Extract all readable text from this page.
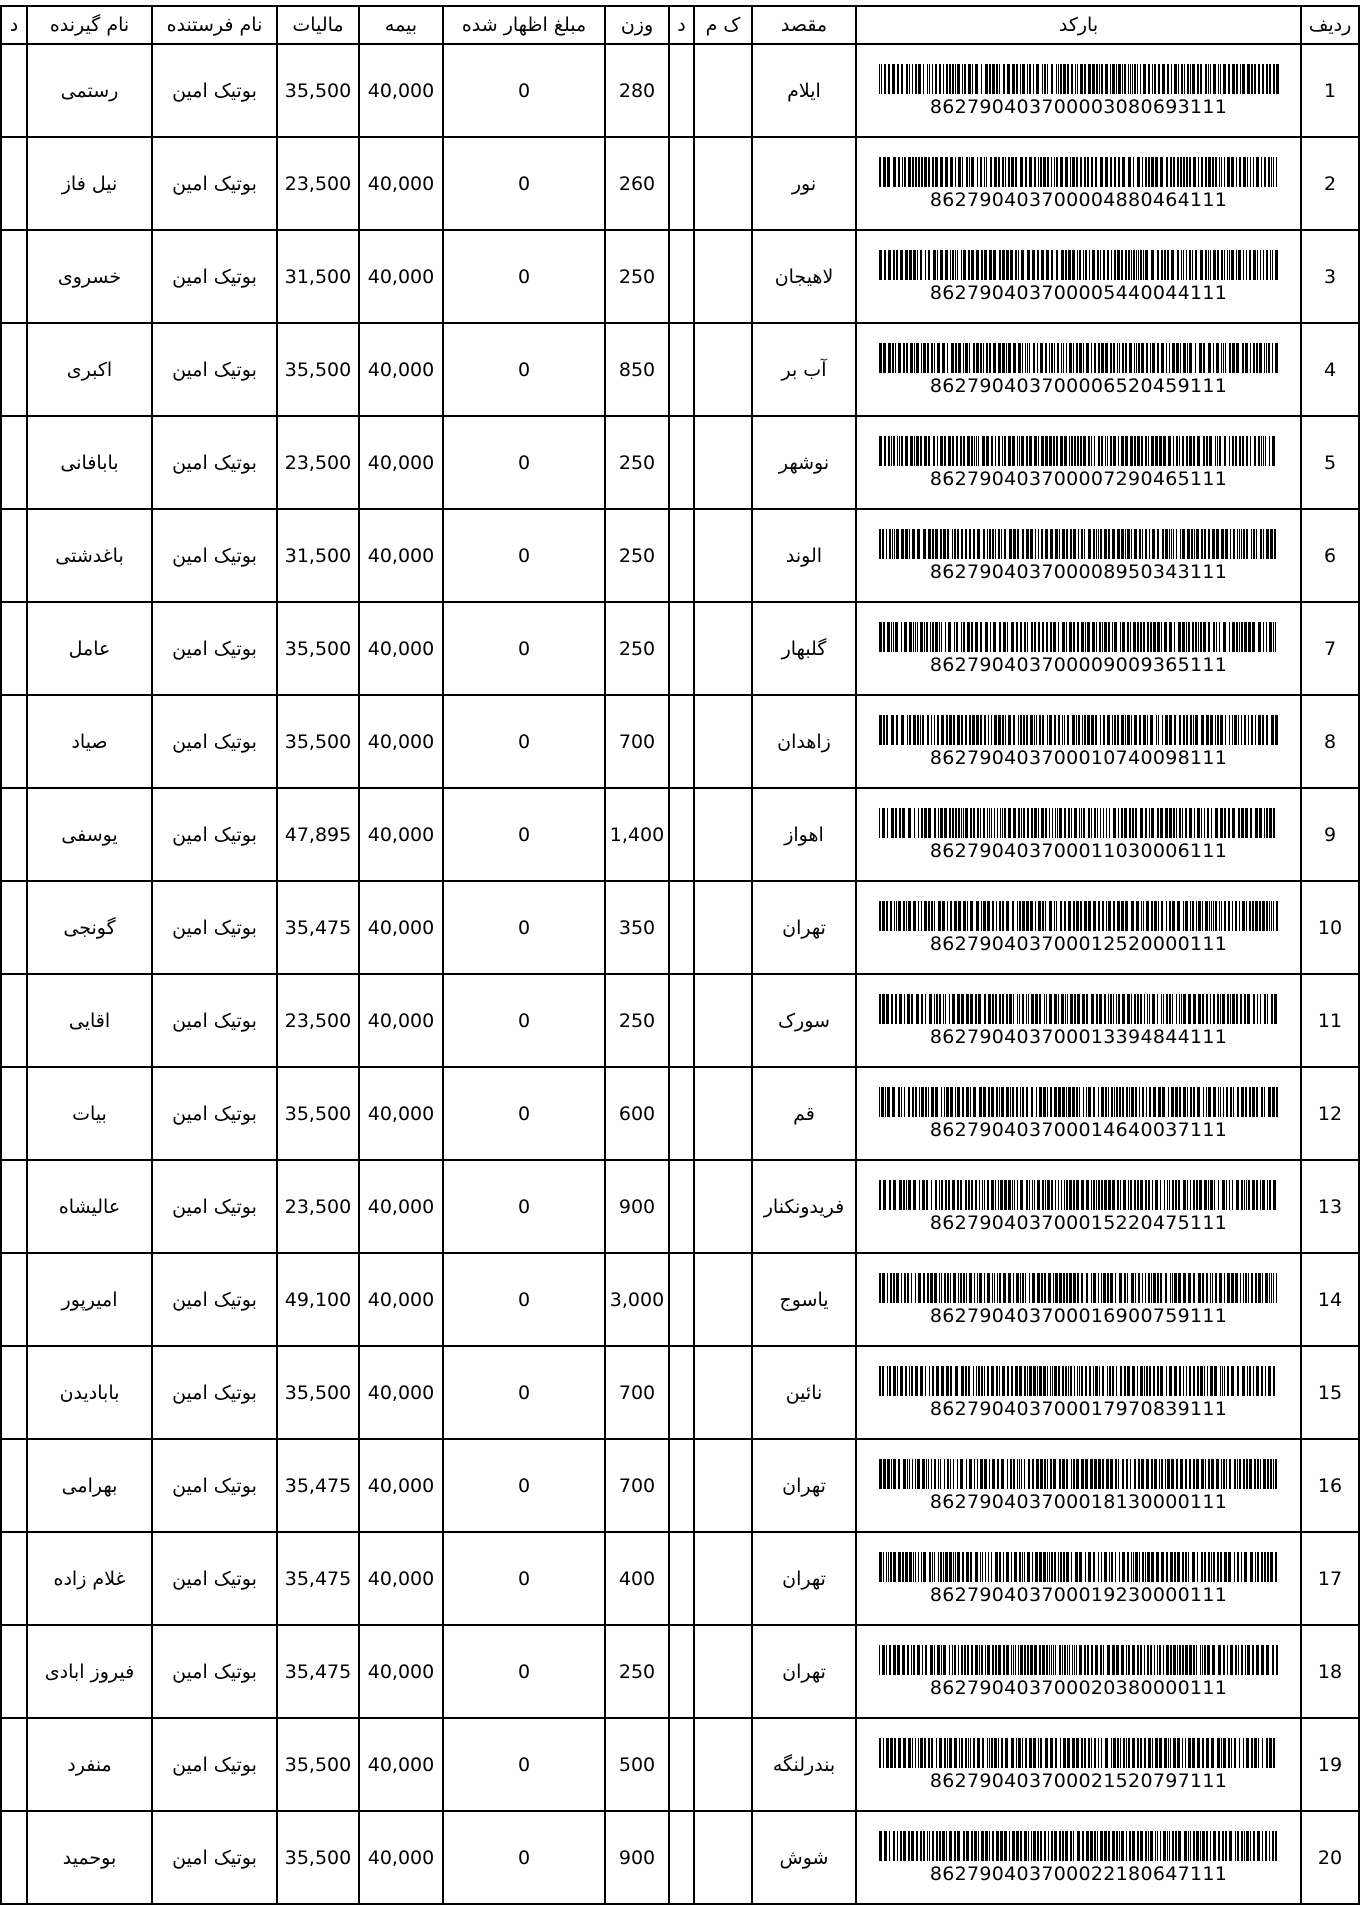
ردیف	بارکد	مقصد	ک م	د	وزن	مبلغ اظهار شده	بیمه	مالیات	نام فرستنده	نام گیرنده	د
1	86279040370000308069311​1	ایلام			280	0	40,000	35,500	بوتیک امین	رستمی	
2	862790403700004880464111	نور			260	0	40,000	23,500	بوتیک امین	نیل فاز	
3	862790403700005440044111	لاهیجان			250	0	40,000	31,500	بوتیک امین	خسروی	
4	862790403700006520459111	آب بر			850	0	40,000	35,500	بوتیک امین	اکبری	
5	862790403700007290465111	نوشهر			250	0	40,000	23,500	بوتیک امین	بابافانی	
6	862790403700008950343111	الوند			250	0	40,000	31,500	بوتیک امین	باغدشتی	
7	862790403700009009365111	گلبهار			250	0	40,000	35,500	بوتیک امین	عامل	
8	862790403700010740098111	زاهدان			700	0	40,000	35,500	بوتیک امین	صیاد	
9	862790403700011030006111	اهواز			1,400	0	40,000	47,895	بوتیک امین	یوسفی	
10	862790403700012520000111	تهران			350	0	40,000	35,475	بوتیک امین	گونجی	
11	862790403700013394844111	سورک			250	0	40,000	23,500	بوتیک امین	اقایی	
12	862790403700014640037111	قم			600	0	40,000	35,500	بوتیک امین	بیات	
13	862790403700015220475111	فریدونکنار			900	0	40,000	23,500	بوتیک امین	عالیشاه	
14	862790403700016900759111	یاسوج			3,000	0	40,000	49,100	بوتیک امین	امیرپور	
15	862790403700017970839111	نائین			700	0	40,000	35,500	بوتیک امین	بابادیدن	
16	862790403700018130000111	تهران			700	0	40,000	35,475	بوتیک امین	بهرامی	
17	862790403700019230000111	تهران			400	0	40,000	35,475	بوتیک امین	غلام زاده	
18	862790403700020380000111	تهران			250	0	40,000	35,475	بوتیک امین	فیروز ابادی	
19	862790403700021520797111	بندرلنگه			500	0	40,000	35,500	بوتیک امین	منفرد	
20	862790403700022180647111	شوش			900	0	40,000	35,500	بوتیک امین	بوحمید	
